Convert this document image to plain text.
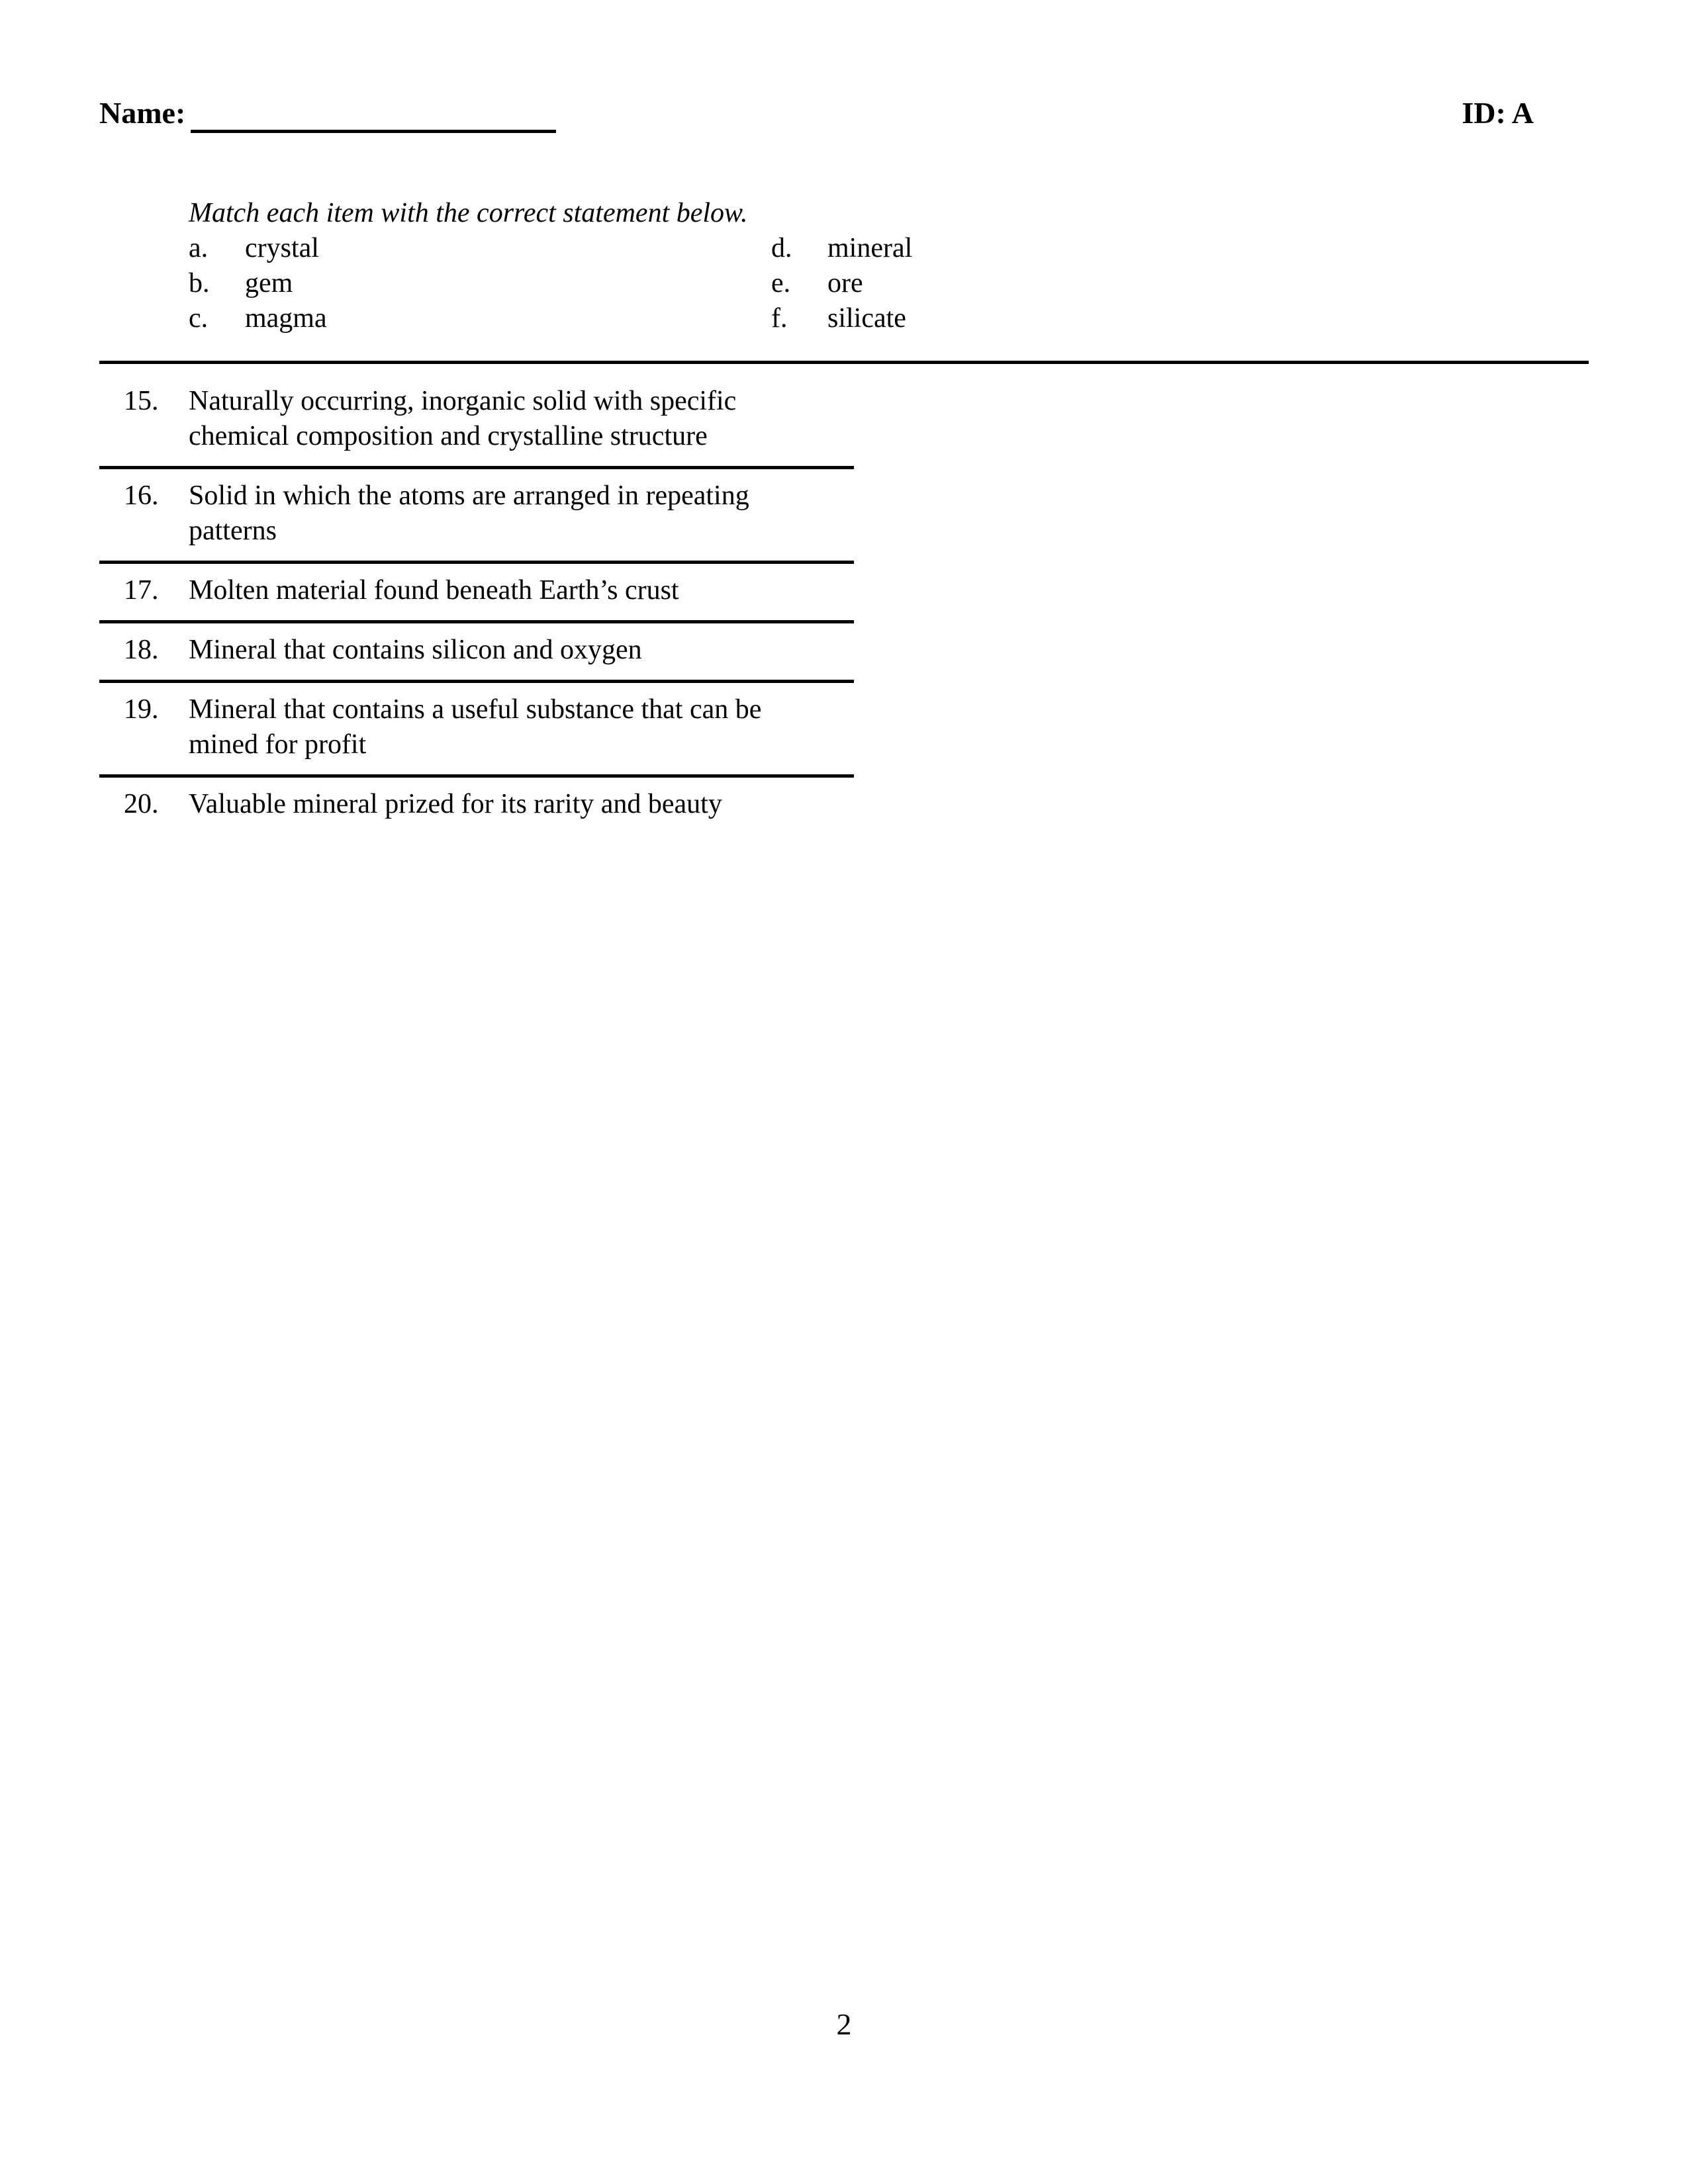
Name:	ID: A
Match each item with the correct statement below.
a.	crystal	d.	mineral
b.	gem	e.	ore
c.	magma	f.	silicate
15.	Naturally occurring, inorganic solid with specific chemical composition and crystalline structure
16.	Solid in which the atoms are arranged in repeating patterns
17.	Molten material found beneath Earth’s crust
18.	Mineral that contains silicon and oxygen
19.	Mineral that contains a useful substance that can be mined for profit
20.	Valuable mineral prized for its rarity and beauty
2
